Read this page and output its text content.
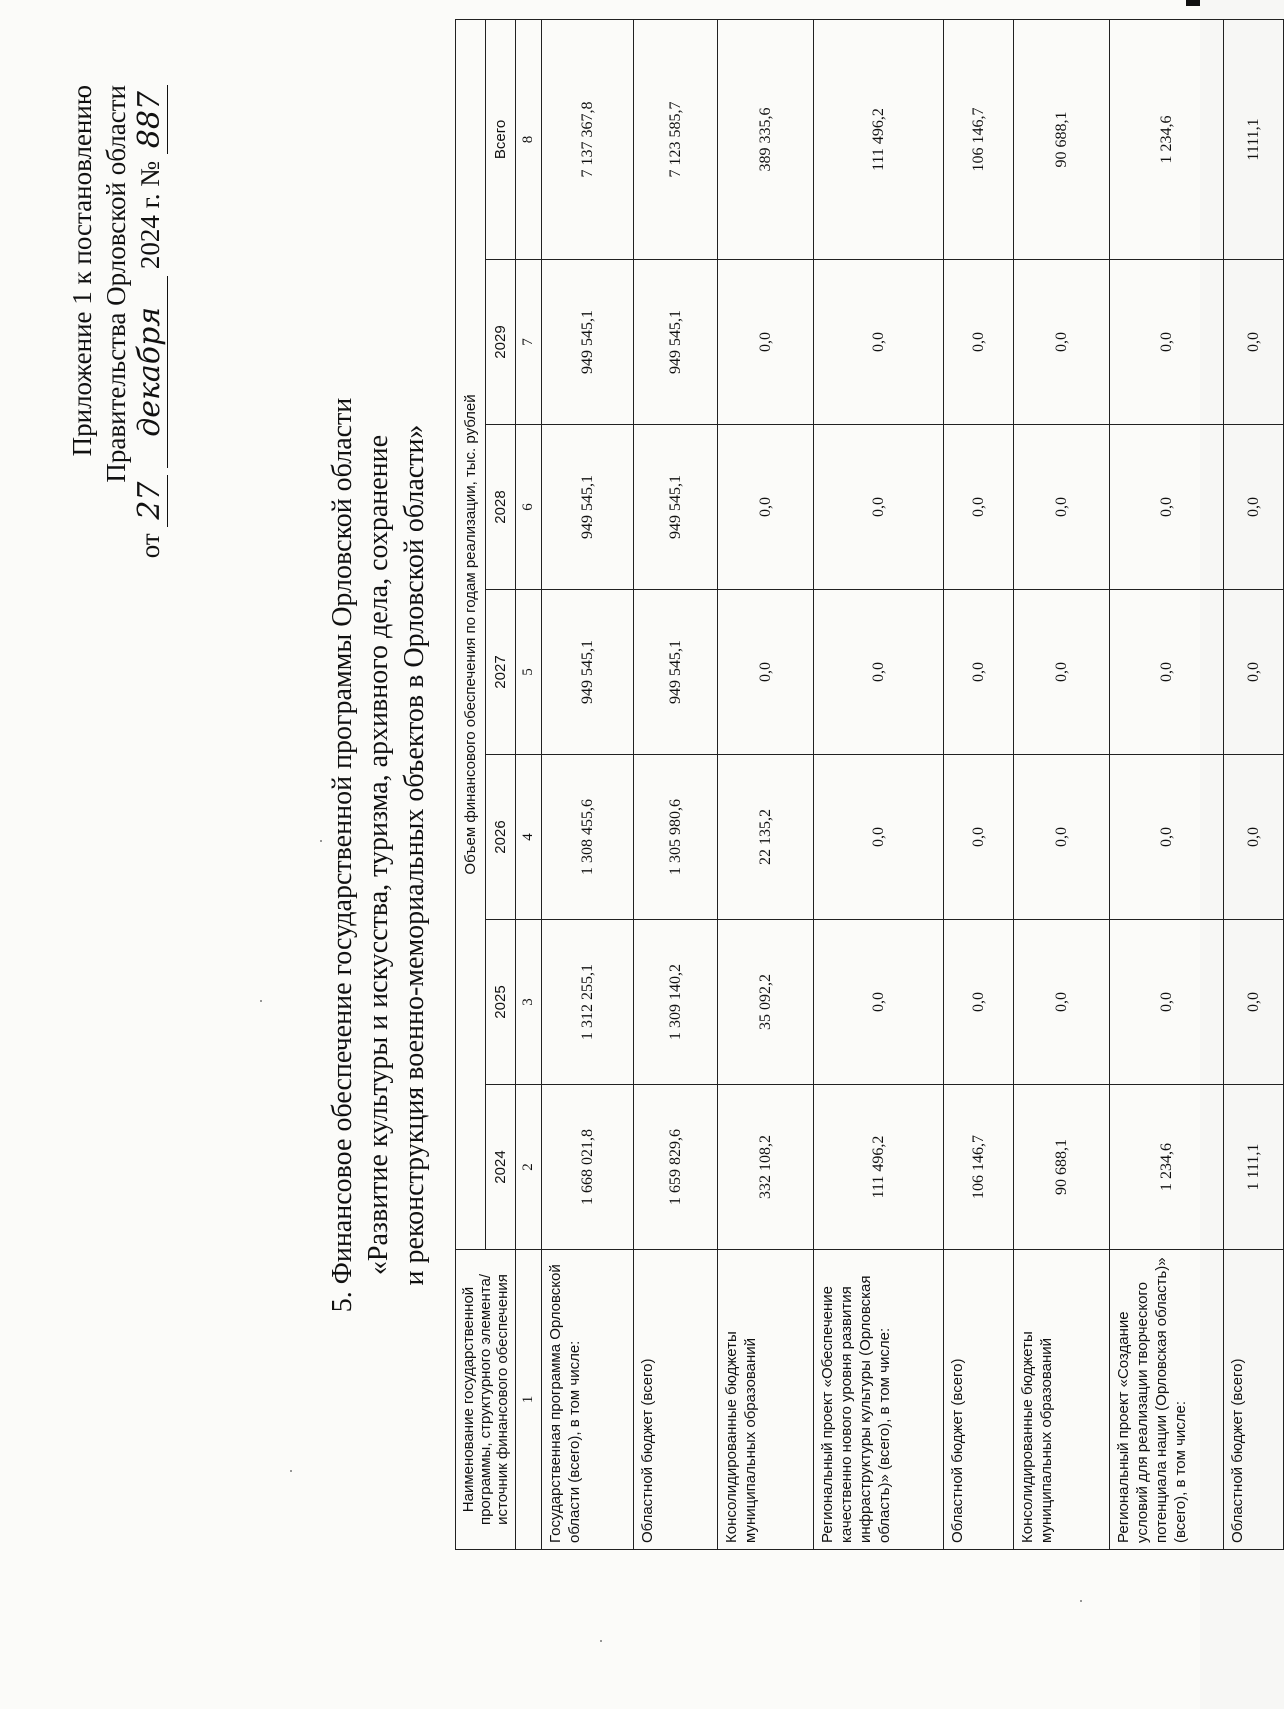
Приложение 1 к постановлению Правительства Орловской области
от 27 декабря 2024 г. № 887
5. Финансовое обеспечение государственной программы Орловской области «Развитие культуры и искусства, туризма, архивного дела, сохранение и реконструкция военно-мемориальных объектов в Орловской области»
Наименование государственной программы, структурного элемента/источник финансового обеспечения	Объем финансового обеспечения по годам реализации, тыс. рублей						
	2024	2025	2026	2027	2028	2029	Всего
1	2	3	4	5	6	7	8
Государственная программа Орловской области (всего), в том числе:	1 668 021,8	1 312 255,1	1 308 455,6	949 545,1	949 545,1	949 545,1	7 137 367,8
Областной бюджет (всего)	1 659 829,6	1 309 140,2	1 305 980,6	949 545,1	949 545,1	949 545,1	7 123 585,7
Консолидированные бюджеты муниципальных образований	332 108,2	35 092,2	22 135,2	0,0	0,0	0,0	389 335,6
Региональный проект «Обеспечение качественно нового уровня развития инфраструктуры культуры (Орловская область)» (всего), в том числе:	111 496,2	0,0	0,0	0,0	0,0	0,0	111 496,2
Областной бюджет (всего)	106 146,7	0,0	0,0	0,0	0,0	0,0	106 146,7
Консолидированные бюджеты муниципальных образований	90 688,1	0,0	0,0	0,0	0,0	0,0	90 688,1
Региональный проект «Создание условий для реализации творческого потенциала нации (Орловская область)» (всего), в том числе:	1 234,6	0,0	0,0	0,0	0,0	0,0	1 234,6
Областной бюджет (всего)	1 111,1	0,0	0,0	0,0	0,0	0,0	1111,1
